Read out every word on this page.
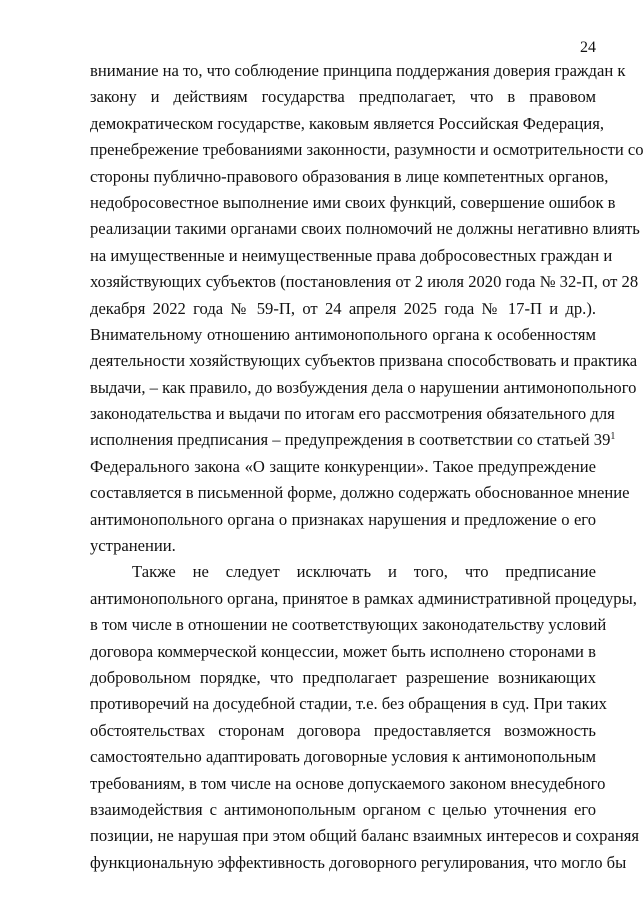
24
внимание на то, что соблюдение принципа поддержания доверия граждан к
закону и действиям государства предполагает, что в правовом
демократическом государстве, каковым является Российская Федерация,
пренебрежение требованиями законности, разумности и осмотрительности со
стороны публично-правового образования в лице компетентных органов,
недобросовестное выполнение ими своих функций, совершение ошибок в
реализации такими органами своих полномочий не должны негативно влиять
на имущественные и неимущественные права добросовестных граждан и
хозяйствующих субъектов (постановления от 2 июля 2020 года № 32-П, от 28
декабря 2022 года № 59-П, от 24 апреля 2025 года № 17-П и др.).
Внимательному отношению антимонопольного органа к особенностям
деятельности хозяйствующих субъектов призвана способствовать и практика
выдачи, – как правило, до возбуждения дела о нарушении антимонопольного
законодательства и выдачи по итогам его рассмотрения обязательного для
исполнения предписания – предупреждения в соответствии со статьей $39^1$
Федерального закона «О защите конкуренции». Такое предупреждение
составляется в письменной форме, должно содержать обоснованное мнение
антимонопольного органа о признаках нарушения и предложение о его
устранении.
Также не следует исключать и того, что предписание
антимонопольного органа, принятое в рамках административной процедуры,
в том числе в отношении не соответствующих законодательству условий
договора коммерческой концессии, может быть исполнено сторонами в
добровольном порядке, что предполагает разрешение возникающих
противоречий на досудебной стадии, т.е. без обращения в суд. При таких
обстоятельствах сторонам договора предоставляется возможность
самостоятельно адаптировать договорные условия к антимонопольным
требованиям, в том числе на основе допускаемого законом внесудебного
взаимодействия с антимонопольным органом с целью уточнения его
позиции, не нарушая при этом общий баланс взаимных интересов и сохраняя
функциональную эффективность договорного регулирования, что могло бы
